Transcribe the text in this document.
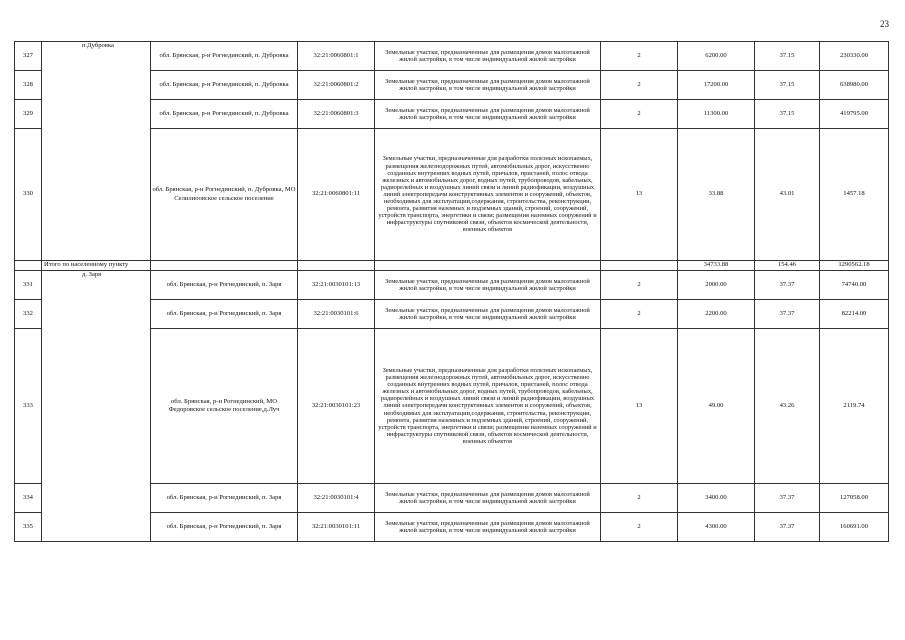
23
327	п.Дубровка	обл. Брянская, р-н Рогнединский, п. Дубровка	32:21:0060801:1	Земельные участки, предназначенные для размещения домов малоэтажной жилой застройки, в том числе индивидуальной жилой застройки	2	6200.00	37.15	230330.00
328		обл. Брянская, р-н Рогнединский, п. Дубровка	32:21:0060801:2	Земельные участки, предназначенные для размещения домов малоэтажной жилой застройки, в том числе индивидуальной жилой застройки	2	17200.00	37.15	638980.00
329		обл. Брянская, р-н Рогнединский, п. Дубровка	32:21:0060801:3	Земельные участки, предназначенные для размещения домов малоэтажной жилой застройки, в том числе индивидуальной жилой застройки	2	11300.00	37.15	419795.00
330		обл. Брянская, р-н Рогнединский, п. Дубровка, МО Селилиоовское сельское поселение	32:21:0060801:11	Земельные участки, предназначенные для разработки полезных ископаемых, размещения железнодорожных путей, автомобильных дорог, искусственно созданных внутренних водных путей, причалов, пристаней, полос отвода железных и автомобильных дорог, водных путей, трубопроводов, кабельных, радиорелейных и воздушных линий связи и линий радиофикации, воздушных линий электропередачи конструктивных элементов и сооружений, объектов, необходимых для эксплуатации,содержания, строительства, реконструкции, ремонта, развития наземных и подземных зданий, строений, сооружений, устройств транспорта, энергетики и связи; размещения наземных сооружений и инфраструктуры спутниковой связи, объектов космической деятельности, военных объектов	13	33.88	43.01	1457.18
	Итого по населенному пункту					34733.88	154.46	1290562.18
331	д. Заря	обл. Брянская, р-н Рогнединский, п. Заря	32:21:0030101:13	Земельные участки, предназначенные для размещения домов малоэтажной жилой застройки, в том числе индивидуальной жилой застройки	2	2000.00	37.37	74740.00
332		обл. Брянская, р-н Рогнединский, п. Заря	32:21:0030101:6	Земельные участки, предназначенные для размещения домов малоэтажной жилой застройки, в том числе индивидуальной жилой застройки	2	2200.00	37.37	82214.00
333		обл. Брянская, р-н Рогнединский, МО Федоровское сельское поселение,д.Луч	32:21:0030101:23	Земельные участки, предназначенные для разработки полезных ископаемых, размещения железнодорожных путей, автомобильных дорог, искусственно созданных внутренних водных путей, причалов, пристаней, полос отвода железных и автомобильных дорог, водных путей, трубопроводов, кабельных, радиорелейных и воздушных линий связи и линий радиофикации, воздушных линий электропередачи конструктивных элементов и сооружений, объектов, необходимых для эксплуатации,содержания, строительства, реконструкции, ремонта, развития наземных и подземных зданий, строений, сооружений, устройств транспорта, энергетики и связи; размещения наземных сооружений и инфраструктуры спутниковой связи, объектов космической деятельности, военных объектов	13	49.00	43.26	2119.74
334		обл. Брянская, р-н Рогнединский, п. Заря	32:21:0030101:4	Земельные участки, предназначенные для размещения домов малоэтажной жилой застройки, в том числе индивидуальной жилой застройки	2	3400.00	37.37	127058.00
335		обл. Брянская, р-н Рогнединский, п. Заря	32:21:0030101:11	Земельные участки, предназначенные для размещения домов малоэтажной жилой застройки, в том числе индивидуальной жилой застройки	2	4300.00	37.37	160691.00
